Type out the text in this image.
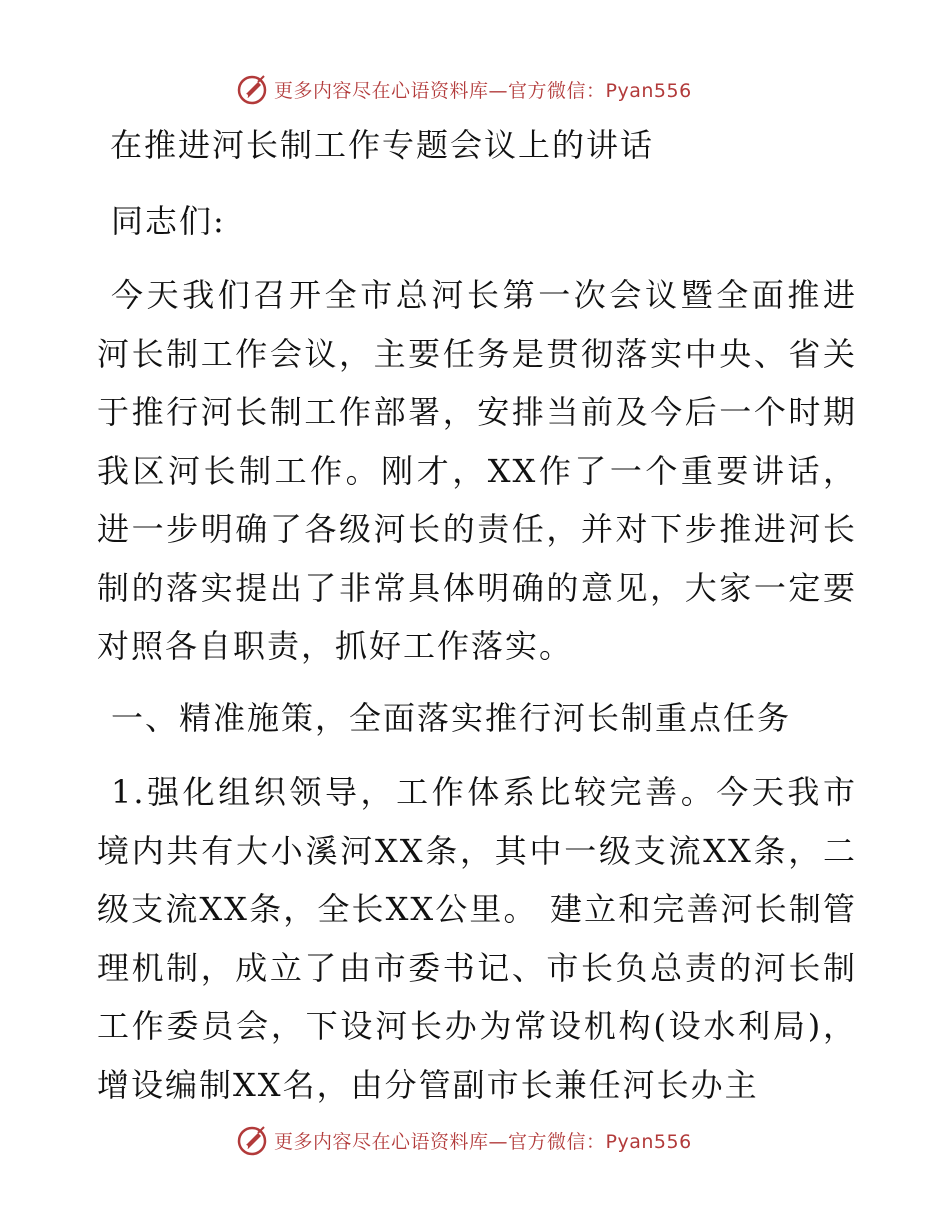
更多内容尽在心语资料库—官方微信：Pyan556
在推进河长制工作专题会议上的讲话

同志们:

今天我们召开全市总河长第一次会议暨全面推进河长制工作会议，主要任务是贯彻落实中央、省关于推行河长制工作部署，安排当前及今后一个时期我区河长制工作。刚才，XX作了一个重要讲话，进一步明确了各级河长的责任，并对下步推进河长制的落实提出了非常具体明确的意见，大家一定要对照各自职责，抓好工作落实。

一、精准施策，全面落实推行河长制重点任务

1.强化组织领导，工作体系比较完善。今天我市境内共有大小溪河XX条，其中一级支流XX条，二级支流XX条，全长XX公里。 建立和完善河长制管理机制，成立了由市委书记、市长负总责的河长制工作委员会，下设河长办为常设机构(设水利局)，增设编制XX名，由分管副市长兼任河长办主

更多内容尽在心语资料库—官方微信：Pyan556
